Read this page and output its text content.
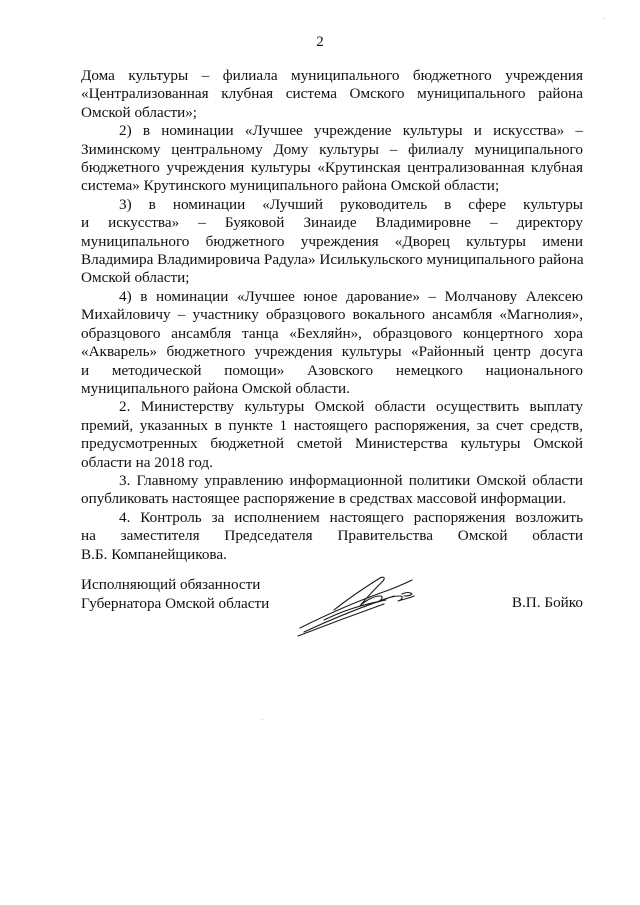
2
Дома культуры – филиала муниципального бюджетного учреждения
«Централизованная клубная система Омского муниципального района
Омской области»;
2) в номинации «Лучшее учреждение культуры и искусства» –
Зиминскому центральному Дому культуры – филиалу муниципального
бюджетного учреждения культуры «Крутинская централизованная клубная
система» Крутинского муниципального района Омской области;
3) в номинации «Лучший руководитель в сфере культуры
и искусства» – Буяковой Зинаиде Владимировне – директору
муниципального бюджетного учреждения «Дворец культуры имени
Владимира Владимировича Радула» Исилькульского муниципального района
Омской области;
4) в номинации «Лучшее юное дарование» – Молчанову Алексею
Михайловичу – участнику образцового вокального ансамбля «Магнолия»,
образцового ансамбля танца «Бехляйн», образцового концертного хора
«Акварель» бюджетного учреждения культуры «Районный центр досуга
и методической помощи» Азовского немецкого национального
муниципального района Омской области.
2. Министерству культуры Омской области осуществить выплату
премий, указанных в пункте 1 настоящего распоряжения, за счет средств,
предусмотренных бюджетной сметой Министерства культуры Омской
области на 2018 год.
3. Главному управлению информационной политики Омской области
опубликовать настоящее распоряжение в средствах массовой информации.
4. Контроль за исполнением настоящего распоряжения возложить
на заместителя Председателя Правительства Омской области
В.Б. Компанейщикова.
Исполняющий обязанности
Губернатора Омской области	В.П. Бойко
